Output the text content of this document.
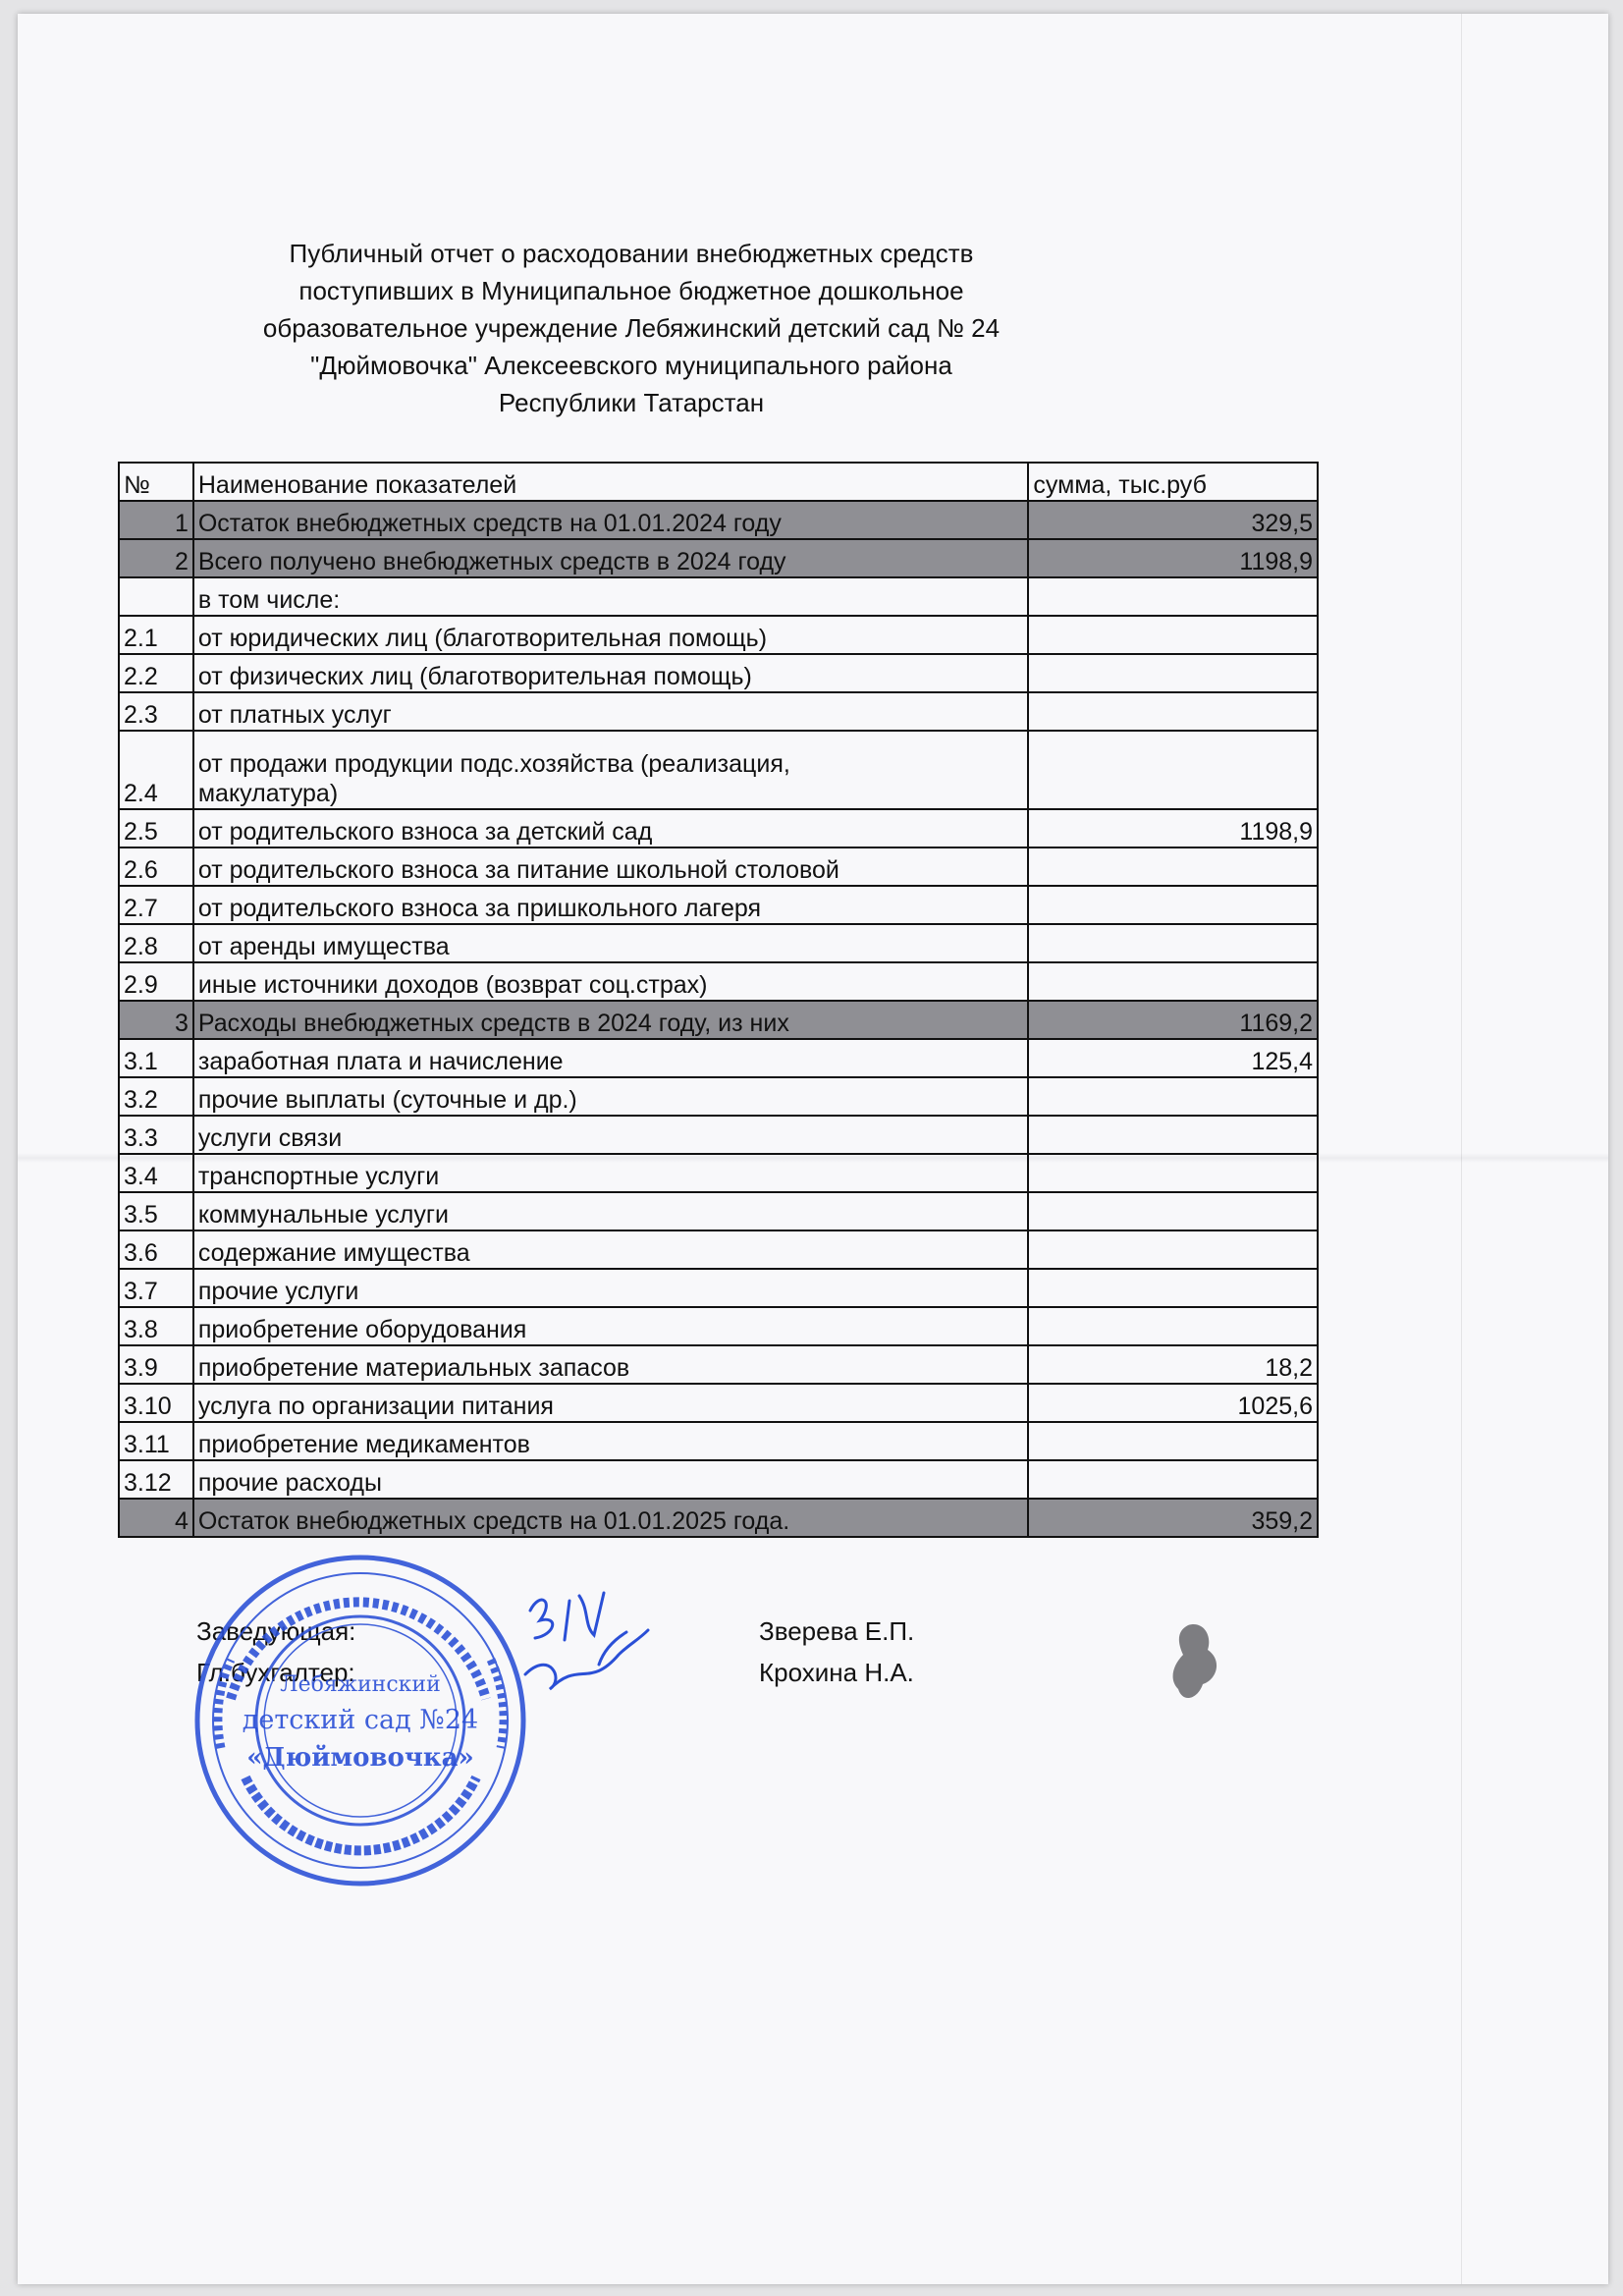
Публичный отчет о расходовании внебюджетных средств
поступивших в Муниципальное бюджетное дошкольное
образовательное учреждение Лебяжинский детский сад № 24
"Дюймовочка" Алексеевского муниципального района
Республики Татарстан
№	Наименование показателей	сумма, тыс.руб
1	Остаток внебюджетных средств на 01.01.2024 году	329,5
2	Всего получено внебюджетных средств в 2024 году	1198,9
	в том числе:	
2.1	от юридических лиц (благотворительная помощь)	
2.2	от физических лиц (благотворительная помощь)	
2.3	от платных услуг	
2.4	от продажи продукции подс.хозяйства (реализация,
макулатура)	

2.5	от родительского взноса за детский сад	1198,9
2.6	от родительского взноса за питание школьной столовой	
2.7	от родительского взноса за пришкольного лагеря	
2.8	от аренды имущества	
2.9	иные источники доходов (возврат соц.страх)	
3	Расходы внебюджетных средств в 2024 году, из них	1169,2
3.1	заработная плата и начисление	125,4
3.2	прочие выплаты (суточные и др.)	
3.3	услуги связи	
3.4	транспортные услуги	
3.5	коммунальные услуги	
3.6	содержание имущества	
3.7	прочие услуги	
3.8	приобретение оборудования	
3.9	приобретение материальных запасов	18,2
3.10	услуга по организации питания	1025,6
3.11	приобретение медикаментов	
3.12	прочие расходы	
4	Остаток внебюджетных средств на 01.01.2025 года.	359,2
Заведующая:
Гл.бухгалтер:
Зверева Е.П.
Крохина Н.А.
Лебяжинский
детский сад №24
«Дюймовочка»
